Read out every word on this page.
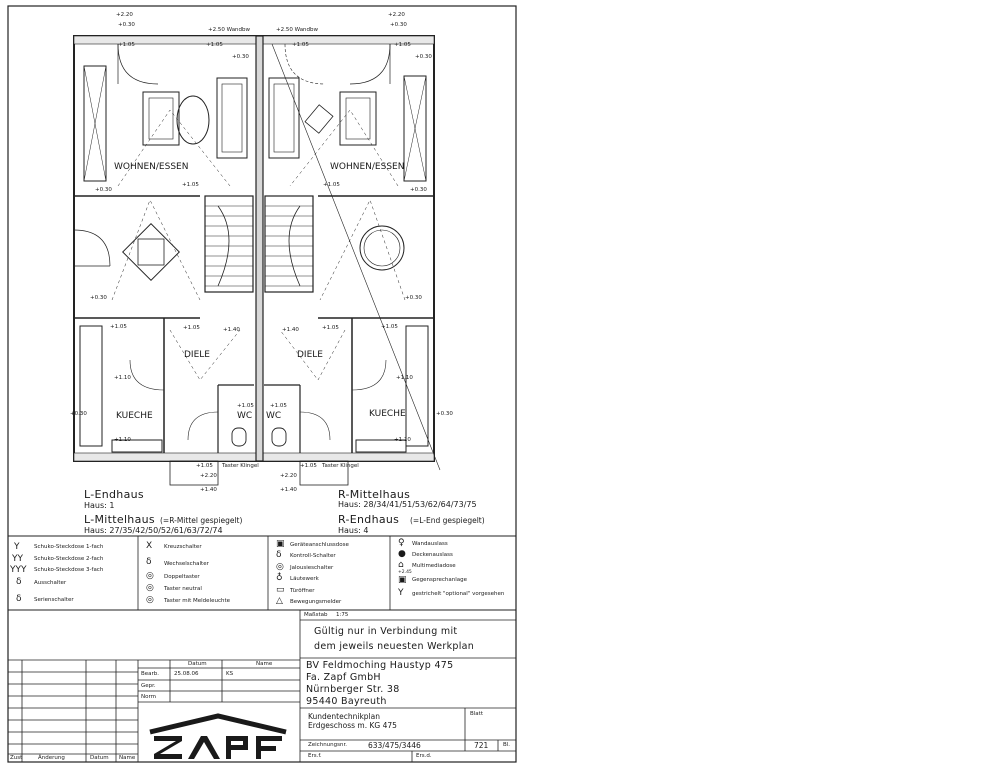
WOHNEN/ESSEN	WOHNEN/ESSEN
DIELE	DIELE
KUECHE	KUECHE
WC WC
+2.20
+0.30
+2.20
+0.30
+2.50 Wandbw	+2.50 Wandbw
+1.05	+1.05	+1.05	+1.05
+0.30	+0.30
+0.30
+1.05	+1.05
+0.30
+0.30	+0.30
+1.05	+1.40	+1.40	+1.05
+1.05	+1.05
+1.10	+1.10
+0.30	+0.30
+1.10	+1.10
+1.05	+1.05
+1.05 Taster Klingel	+1.05 Taster Klingel
+2.20	+2.20
+1.40	+1.40
L-Endhaus
Haus: 1
L-Mittelhaus (=R-Mittel gespiegelt)
Haus: 27/35/42/50/52/61/63/72/74
R-Mittelhaus
Haus: 28/34/41/51/53/62/64/73/75
R-Endhaus (=L-End gespiegelt)
Haus: 4
Y	Schuko-Steckdose 1-fach
YY Schuko-Steckdose 2-fach
YYY Schuko-Steckdose 3-fach
δ Ausschalter
δ Serienschalter
X Kreuzschalter
δ Wechselschalter
◎ Doppeltaster
◎ Taster neutral
◎ Taster mit Meldeleuchte
▣ Geräteanschlussdose
δ Kontroll-Schalter
◎ Jalousieschalter
♁ Läutewerk
▭ Türöffner
△ Bewegungsmelder
♀ Wandauslass
● Deckenauslass
⌂ Multimediadose
+2.45
▣ Gegensprechanlage
Y gestrichelt "optional" vorgesehen
Maßstab 1:75
Gültig nur in Verbindung mit
dem jeweils neuesten Werkplan
BV Feldmoching Haustyp 475
Fa. Zapf GmbH
Nürnberger Str. 38
95440 Bayreuth
Kundentechnikplan
Erdgeschoss m. KG 475
Blatt
Zeichnungsnr.	633/475/3446	721	Bl.
Ers.f.	Ers.d.
Datum	Name
Bearb.	25.08.06	KS
Gepr.
Norm
Zust	Änderung	Datum Name
